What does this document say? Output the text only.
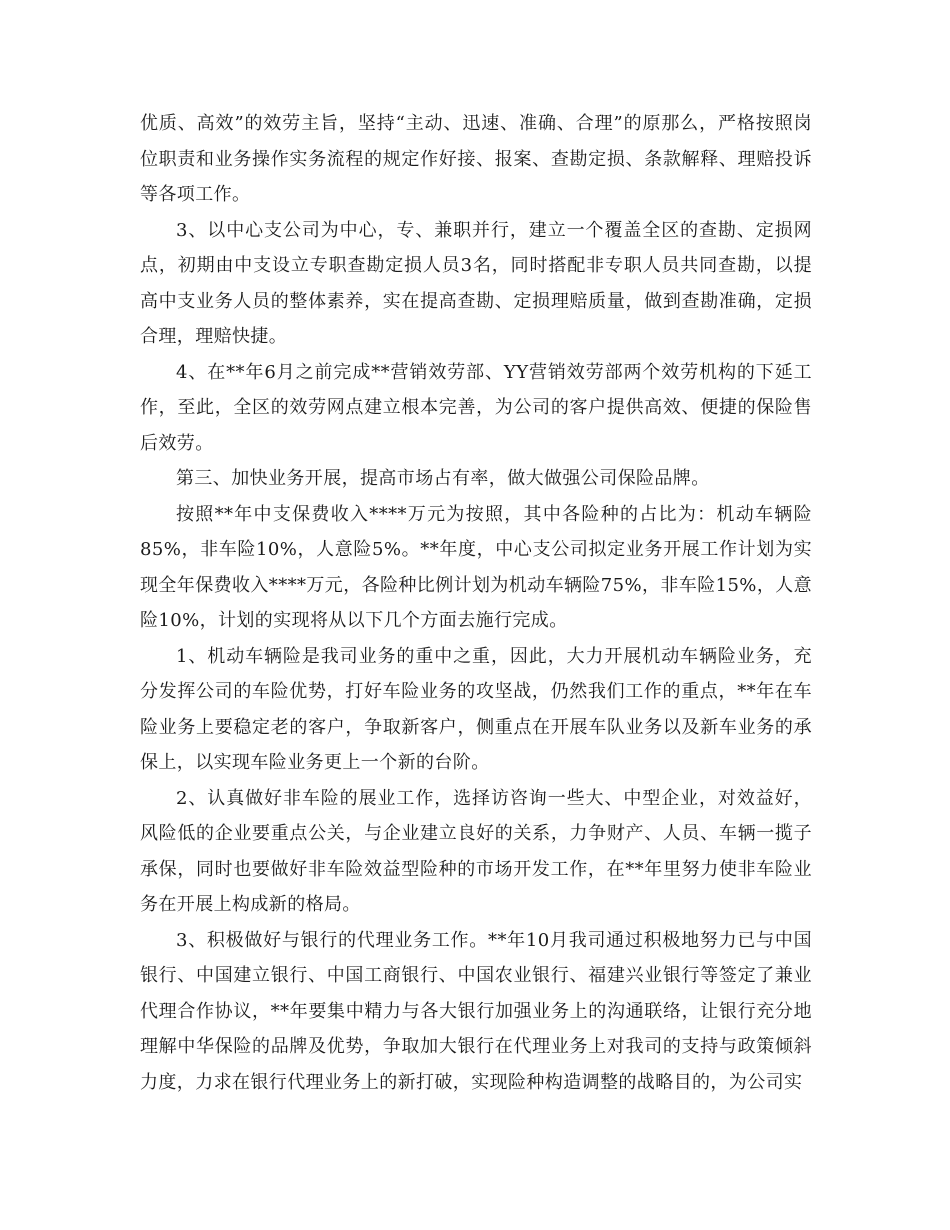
优质、高效”的效劳主旨，坚持“主动、迅速、准确、合理”的原那么，严格按照岗位职责和业务操作实务流程的规定作好接、报案、查勘定损、条款解释、理赔投诉等各项工作。

3、以中心支公司为中心，专、兼职并行，建立一个覆盖全区的查勘、定损网点，初期由中支设立专职查勘定损人员3名，同时搭配非专职人员共同查勘，以提高中支业务人员的整体素养，实在提高查勘、定损理赔质量，做到查勘准确，定损合理，理赔快捷。

4、在**年6月之前完成**营销效劳部、YY营销效劳部两个效劳机构的下延工作，至此，全区的效劳网点建立根本完善，为公司的客户提供高效、便捷的保险售后效劳。

第三、加快业务开展，提高市场占有率，做大做强公司保险品牌。

按照**年中支保费收入****万元为按照，其中各险种的占比为：机动车辆险85%，非车险10%，人意险5%。**年度，中心支公司拟定业务开展工作计划为实现全年保费收入****万元，各险种比例计划为机动车辆险75%，非车险15%，人意险10%，计划的实现将从以下几个方面去施行完成。

1、机动车辆险是我司业务的重中之重，因此，大力开展机动车辆险业务，充分发挥公司的车险优势，打好车险业务的攻坚战，仍然我们工作的重点，**年在车险业务上要稳定老的客户，争取新客户，侧重点在开展车队业务以及新车业务的承保上，以实现车险业务更上一个新的台阶。

2、认真做好非车险的展业工作，选择访咨询一些大、中型企业，对效益好，风险低的企业要重点公关，与企业建立良好的关系，力争财产、人员、车辆一揽子承保，同时也要做好非车险效益型险种的市场开发工作，在**年里努力使非车险业务在开展上构成新的格局。

3、积极做好与银行的代理业务工作。**年10月我司通过积极地努力已与中国银行、中国建立银行、中国工商银行、中国农业银行、福建兴业银行等签定了兼业代理合作协议，**年要集中精力与各大银行加强业务上的沟通联络，让银行充分地理解中华保险的品牌及优势，争取加大银行在代理业务上对我司的支持与政策倾斜力度，力求在银行代理业务上的新打破，实现险种构造调整的战略目的，为公司实
